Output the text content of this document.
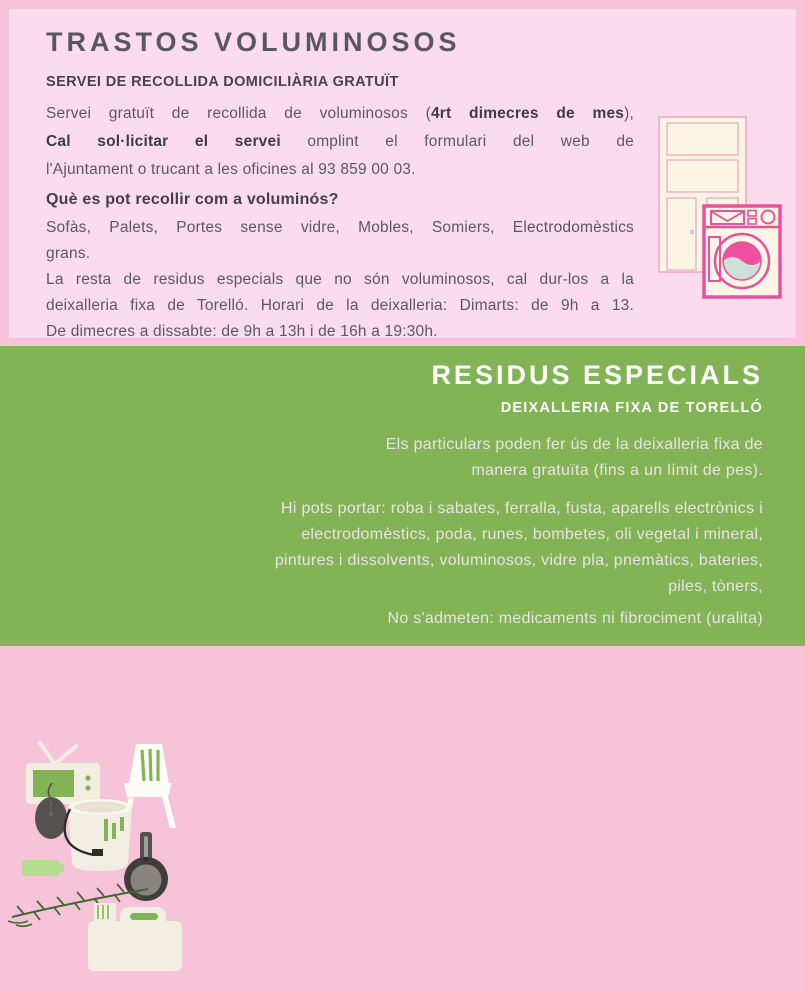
TRASTOS VOLUMINOSOS
SERVEI DE RECOLLIDA DOMICILIÀRIA GRATUÏT
Servei gratuït de recollida de voluminosos (4rt dimecres de mes),
Cal sol·licitar el servei omplint el formulari del web de
l'Ajuntament o trucant a les oficines al 93 859 00 03.
Què es pot recollir com a voluminós?

Sofàs, Palets, Portes sense vidre, Mobles, Somiers, Electrodomèstics
grans.

La resta de residus especials que no són voluminosos, cal dur-los a la
deixalleria fixa de Torelló. Horari de la deixalleria: Dimarts: de 9h a 13.
De dimecres a dissabte: de 9h a 13h i de 16h a 19:30h.

RESIDUS ESPECIALS
DEIXALLERIA FIXA DE TORELLÓ

Els particulars poden fer ús de la deixalleria fixa de
manera gratuïta (fins a un límit de pes).

Hi pots portar: roba i sabates, ferralla, fusta, aparells electrònics i
electrodomèstics, poda, runes, bombetes, oli vegetal i mineral,
pintures i dissolvents, voluminosos, vidre pla, pnemàtics, bateries,
piles, tòners,

No s'admeten: medicaments ni fibrociment (uralita)
